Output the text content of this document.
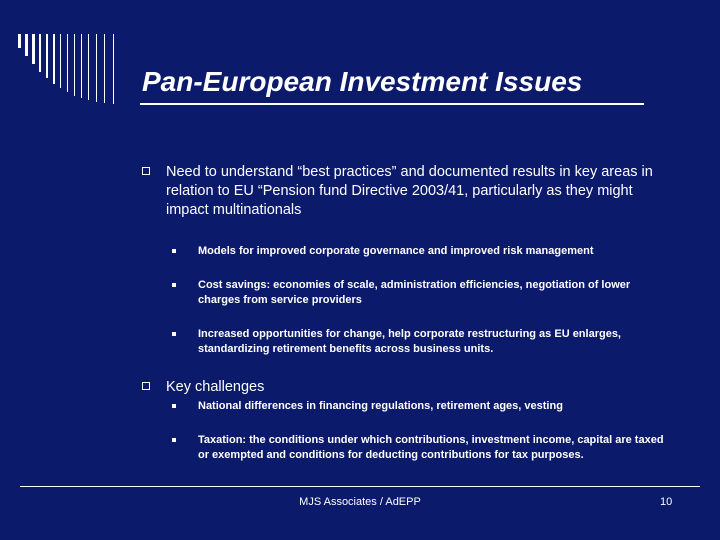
Pan-European Investment Issues
Need to understand “best practices” and documented results in key areas in relation to EU “Pension fund Directive 2003/41, particularly as they might impact multinationals
Models for improved corporate governance and improved risk management
Cost savings: economies of scale, administration efficiencies, negotiation of lower charges from service providers
Increased opportunities for change, help corporate restructuring as EU enlarges, standardizing retirement benefits across business units.
Key challenges
National differences in financing regulations, retirement ages, vesting
Taxation: the conditions under which contributions, investment income, capital are taxed or exempted and conditions for deducting contributions for tax purposes.
MJS Associates / AdEPP	10
